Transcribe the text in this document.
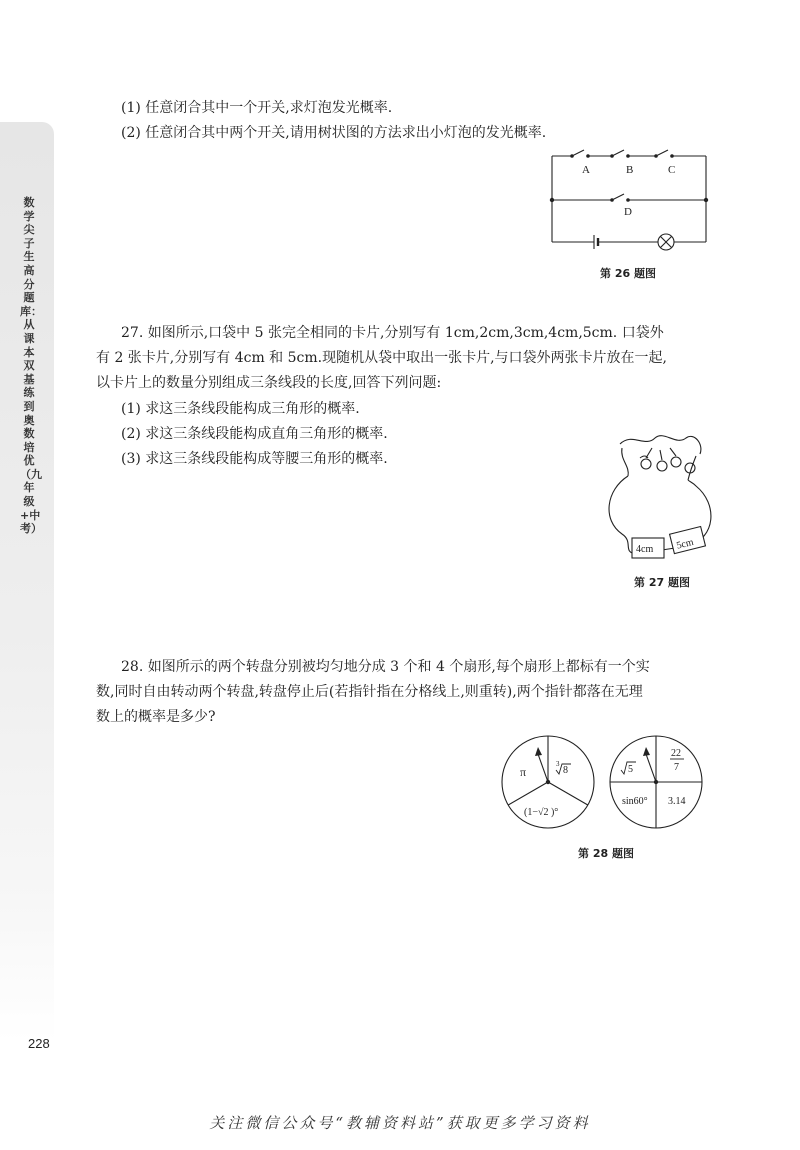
数学尖子生高分题库：从课本双基练到奥数培优（九年级+中考）
(1) 任意闭合其中一个开关,求灯泡发光概率.
(2) 任意闭合其中两个开关,请用树状图的方法求出小灯泡的发光概率.
A	B	C
D
第 26 题图
27. 如图所示,口袋中 5 张完全相同的卡片,分别写有 1cm,2cm,3cm,4cm,5cm. 口袋外
有 2 张卡片,分别写有 4cm 和 5cm.现随机从袋中取出一张卡片,与口袋外两张卡片放在一起,
以卡片上的数量分别组成三条线段的长度,回答下列问题:
(1) 求这三条线段能构成三角形的概率.
(2) 求这三条线段能构成直角三角形的概率.
(3) 求这三条线段能构成等腰三角形的概率.
4cm 5cm
第 27 题图
28. 如图所示的两个转盘分别被均匀地分成 3 个和 4 个扇形,每个扇形上都标有一个实
数,同时自由转动两个转盘,转盘停止后(若指针指在分格线上,则重转),两个指针都落在无理
数上的概率是多少?
π
3
8
(1−√2 )°
5
22
7
sin60° 3.14
第 28 题图
228
关注微信公众号“教辅资料站”获取更多学习资料
